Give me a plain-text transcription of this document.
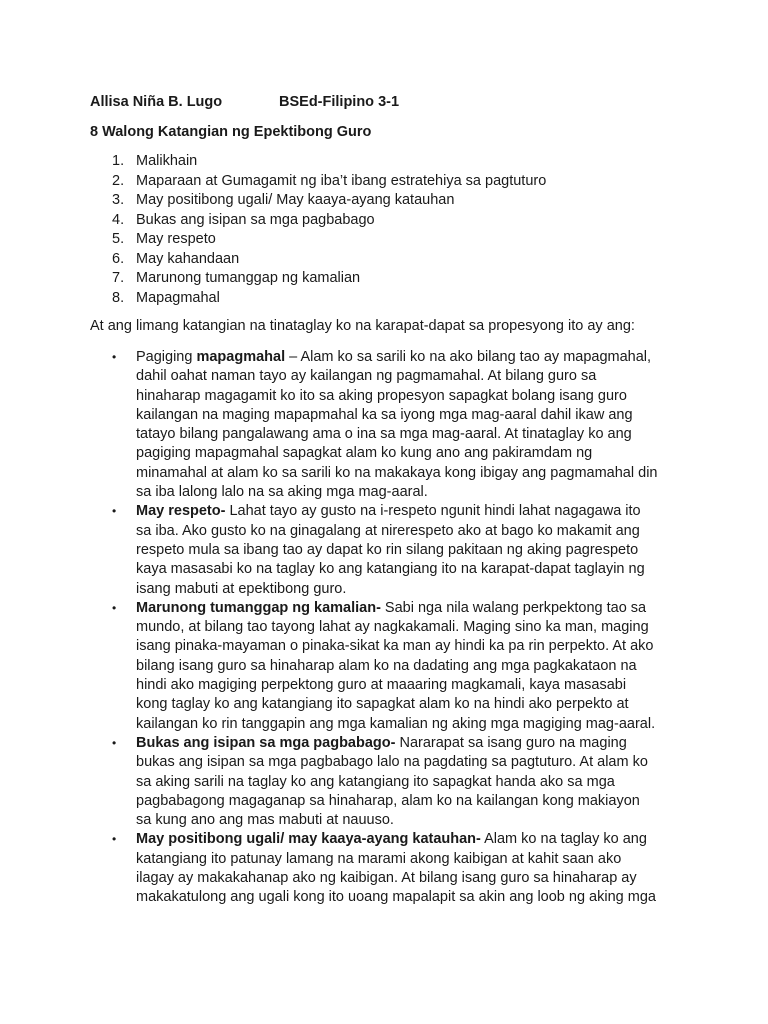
Allisa Niña B. Lugo	BSEd-Filipino 3-1
8 Walong Katangian ng Epektibong Guro
1. Malikhain
2. Maparaan at Gumagamit ng iba’t ibang estratehiya sa pagtuturo
3. May positibong ugali/ May kaaya-ayang katauhan
4. Bukas ang isipan sa mga pagbabago
5. May respeto
6. May kahandaan
7. Marunong tumanggap ng kamalian
8. Mapagmahal
At ang limang katangian na tinataglay ko na karapat-dapat sa propesyong ito ay ang:
• Pagiging mapagmahal – Alam ko sa sarili ko na ako bilang tao ay mapagmahal,
dahil oahat naman tayo ay kailangan ng pagmamahal. At bilang guro sa
hinaharap magagamit ko ito sa aking propesyon sapagkat bolang isang guro
kailangan na maging mapapmahal ka sa iyong mga mag-aaral dahil ikaw ang
tatayo bilang pangalawang ama o ina sa mga mag-aaral. At tinataglay ko ang
pagiging mapagmahal sapagkat alam ko kung ano ang pakiramdam ng
minamahal at alam ko sa sarili ko na makakaya kong ibigay ang pagmamahal din
sa iba lalong lalo na sa aking mga mag-aaral.
• May respeto- Lahat tayo ay gusto na i-respeto ngunit hindi lahat nagagawa ito
sa iba. Ako gusto ko na ginagalang at nirerespeto ako at bago ko makamit ang
respeto mula sa ibang tao ay dapat ko rin silang pakitaan ng aking pagrespeto
kaya masasabi ko na taglay ko ang katangiang ito na karapat-dapat taglayin ng
isang mabuti at epektibong guro.
• Marunong tumanggap ng kamalian- Sabi nga nila walang perkpektong tao sa
mundo, at bilang tao tayong lahat ay nagkakamali. Maging sino ka man, maging
isang pinaka-mayaman o pinaka-sikat ka man ay hindi ka pa rin perpekto. At ako
bilang isang guro sa hinaharap alam ko na dadating ang mga pagkakataon na
hindi ako magiging perpektong guro at maaaring magkamali, kaya masasabi
kong taglay ko ang katangiang ito sapagkat alam ko na hindi ako perpekto at
kailangan ko rin tanggapin ang mga kamalian ng aking mga magiging mag-aaral.
• Bukas ang isipan sa mga pagbabago- Nararapat sa isang guro na maging
bukas ang isipan sa mga pagbabago lalo na pagdating sa pagtuturo. At alam ko
sa aking sarili na taglay ko ang katangiang ito sapagkat handa ako sa mga
pagbabagong magaganap sa hinaharap, alam ko na kailangan kong makiayon
sa kung ano ang mas mabuti at nauuso.
• May positibong ugali/ may kaaya-ayang katauhan- Alam ko na taglay ko ang
katangiang ito patunay lamang na marami akong kaibigan at kahit saan ako
ilagay ay makakahanap ako ng kaibigan. At bilang isang guro sa hinaharap ay
makakatulong ang ugali kong ito uoang mapalapit sa akin ang loob ng aking mga
